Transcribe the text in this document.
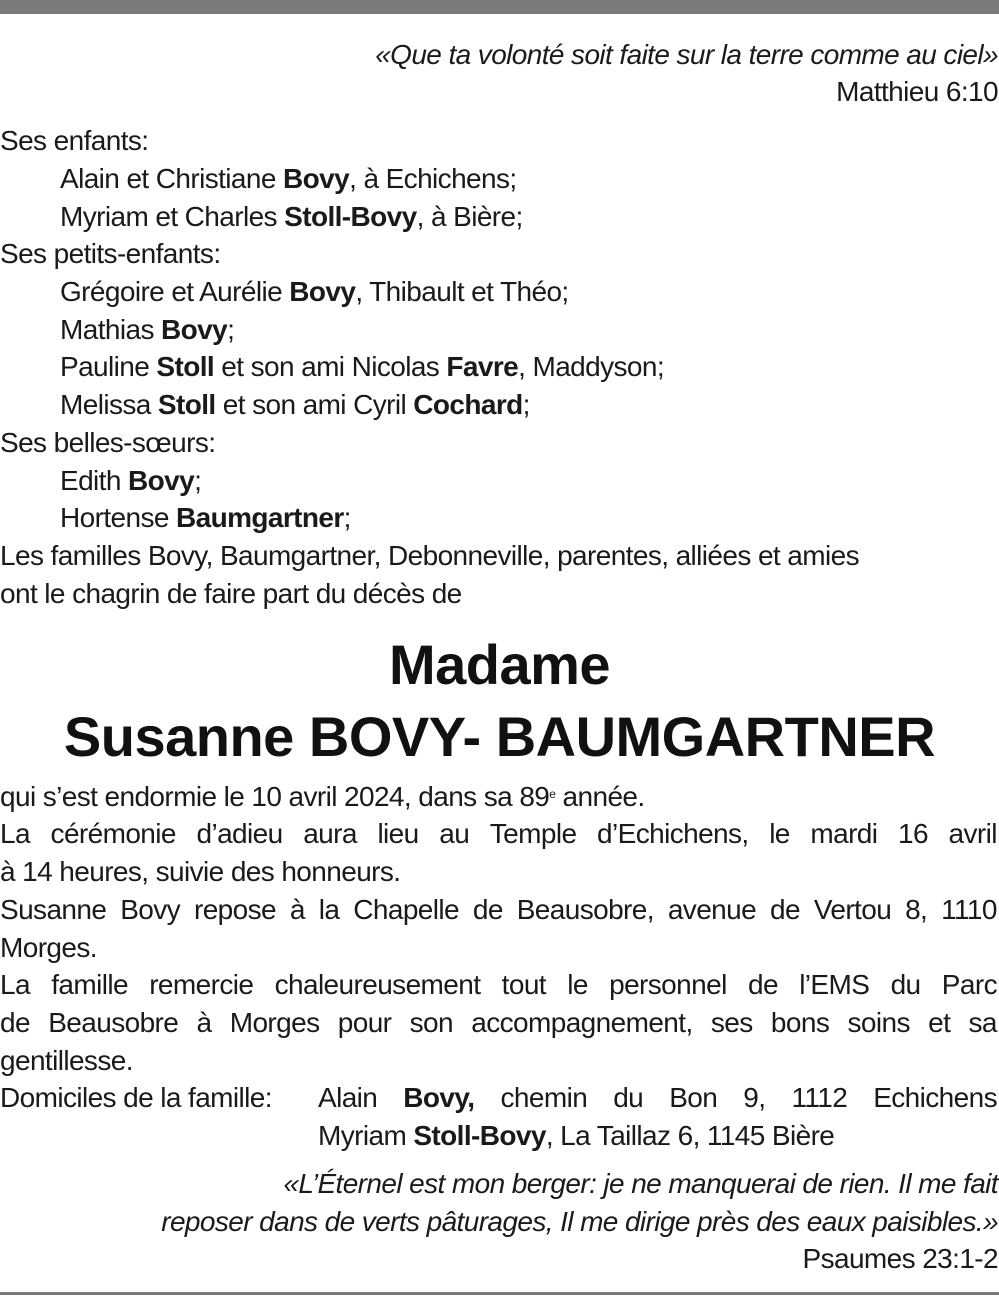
«Que ta volonté soit faite sur la terre comme au ciel»
Matthieu 6:10
Ses enfants:
Alain et Christiane Bovy, à Echichens;
Myriam et Charles Stoll-Bovy, à Bière;
Ses petits-enfants:
Grégoire et Aurélie Bovy, Thibault et Théo;
Mathias Bovy;
Pauline Stoll et son ami Nicolas Favre, Maddyson;
Melissa Stoll et son ami Cyril Cochard;
Ses belles-sœurs:
Edith Bovy;
Hortense Baumgartner;
Les familles Bovy, Baumgartner, Debonneville, parentes, alliées et amies
ont le chagrin de faire part du décès de
Madame
Susanne BOVY- BAUMGARTNER
qui s’est endormie le 10 avril 2024, dans sa 89e année.
La cérémonie d’adieu aura lieu au Temple d’Echichens, le mardi 16 avril
à 14 heures, suivie des honneurs.
Susanne Bovy repose à la Chapelle de Beausobre, avenue de Vertou 8, 1110
Morges.
La famille remercie chaleureusement tout le personnel de l’EMS du Parc
de Beausobre à Morges pour son accompagnement, ses bons soins et sa
gentillesse.
Domiciles de la famille: Alain Bovy, chemin du Bon 9, 1112 Echichens
Myriam Stoll-Bovy, La Taillaz 6, 1145 Bière
«L’Éternel est mon berger: je ne manquerai de rien. Il me fait
reposer dans de verts pâturages, Il me dirige près des eaux paisibles.»
Psaumes 23:1-2
